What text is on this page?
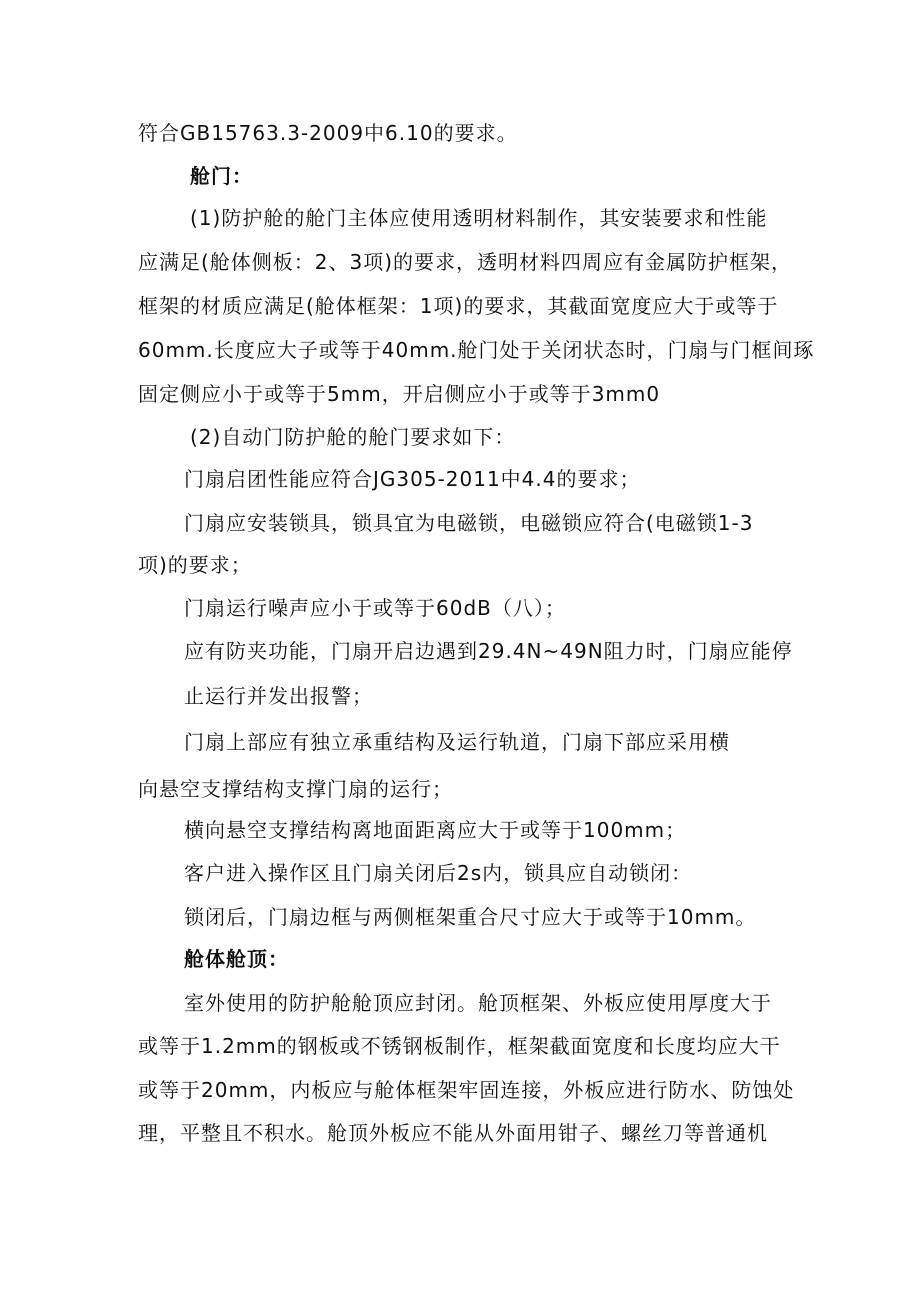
符合GB15763.3-2009中6.10的要求。
舱门：
(1)防护舱的舱门主体应使用透明材料制作，其安装要求和性能
应满足(舱体侧板：2、3项)的要求，透明材料四周应有金属防护框架，
框架的材质应满足(舱体框架：1项)的要求，其截面宽度应大于或等于
60mm.长度应大子或等于40mm.舱门处于关闭状态时，门扇与门框间琢
固定侧应小于或等于5mm，开启侧应小于或等于3mm0
(2)自动门防护舱的舱门要求如下：
门扇启团性能应符合JG305-2011中4.4的要求；
门扇应安装锁具，锁具宜为电磁锁，电磁锁应符合(电磁锁1-3
项)的要求；
门扇运行噪声应小于或等于60dB（八）；
应有防夹功能，门扇开启边遇到29.4N~49N阻力时，门扇应能停
止运行并发出报警；
门扇上部应有独立承重结构及运行轨道，门扇下部应采用横
向悬空支撑结构支撑门扇的运行；
横向悬空支撑结构离地面距离应大于或等于100mm；
客户进入操作区且门扇关闭后2s内，锁具应自动锁闭：
锁闭后，门扇边框与两侧框架重合尺寸应大于或等于10mm。
舱体舱顶：
室外使用的防护舱舱顶应封闭。舱顶框架、外板应使用厚度大于
或等于1.2mm的钢板或不锈钢板制作，框架截面宽度和长度均应大干
或等于20mm，内板应与舱体框架牢固连接，外板应进行防水、防蚀处
理，平整且不积水。舱顶外板应不能从外面用钳子、螺丝刀等普通机
